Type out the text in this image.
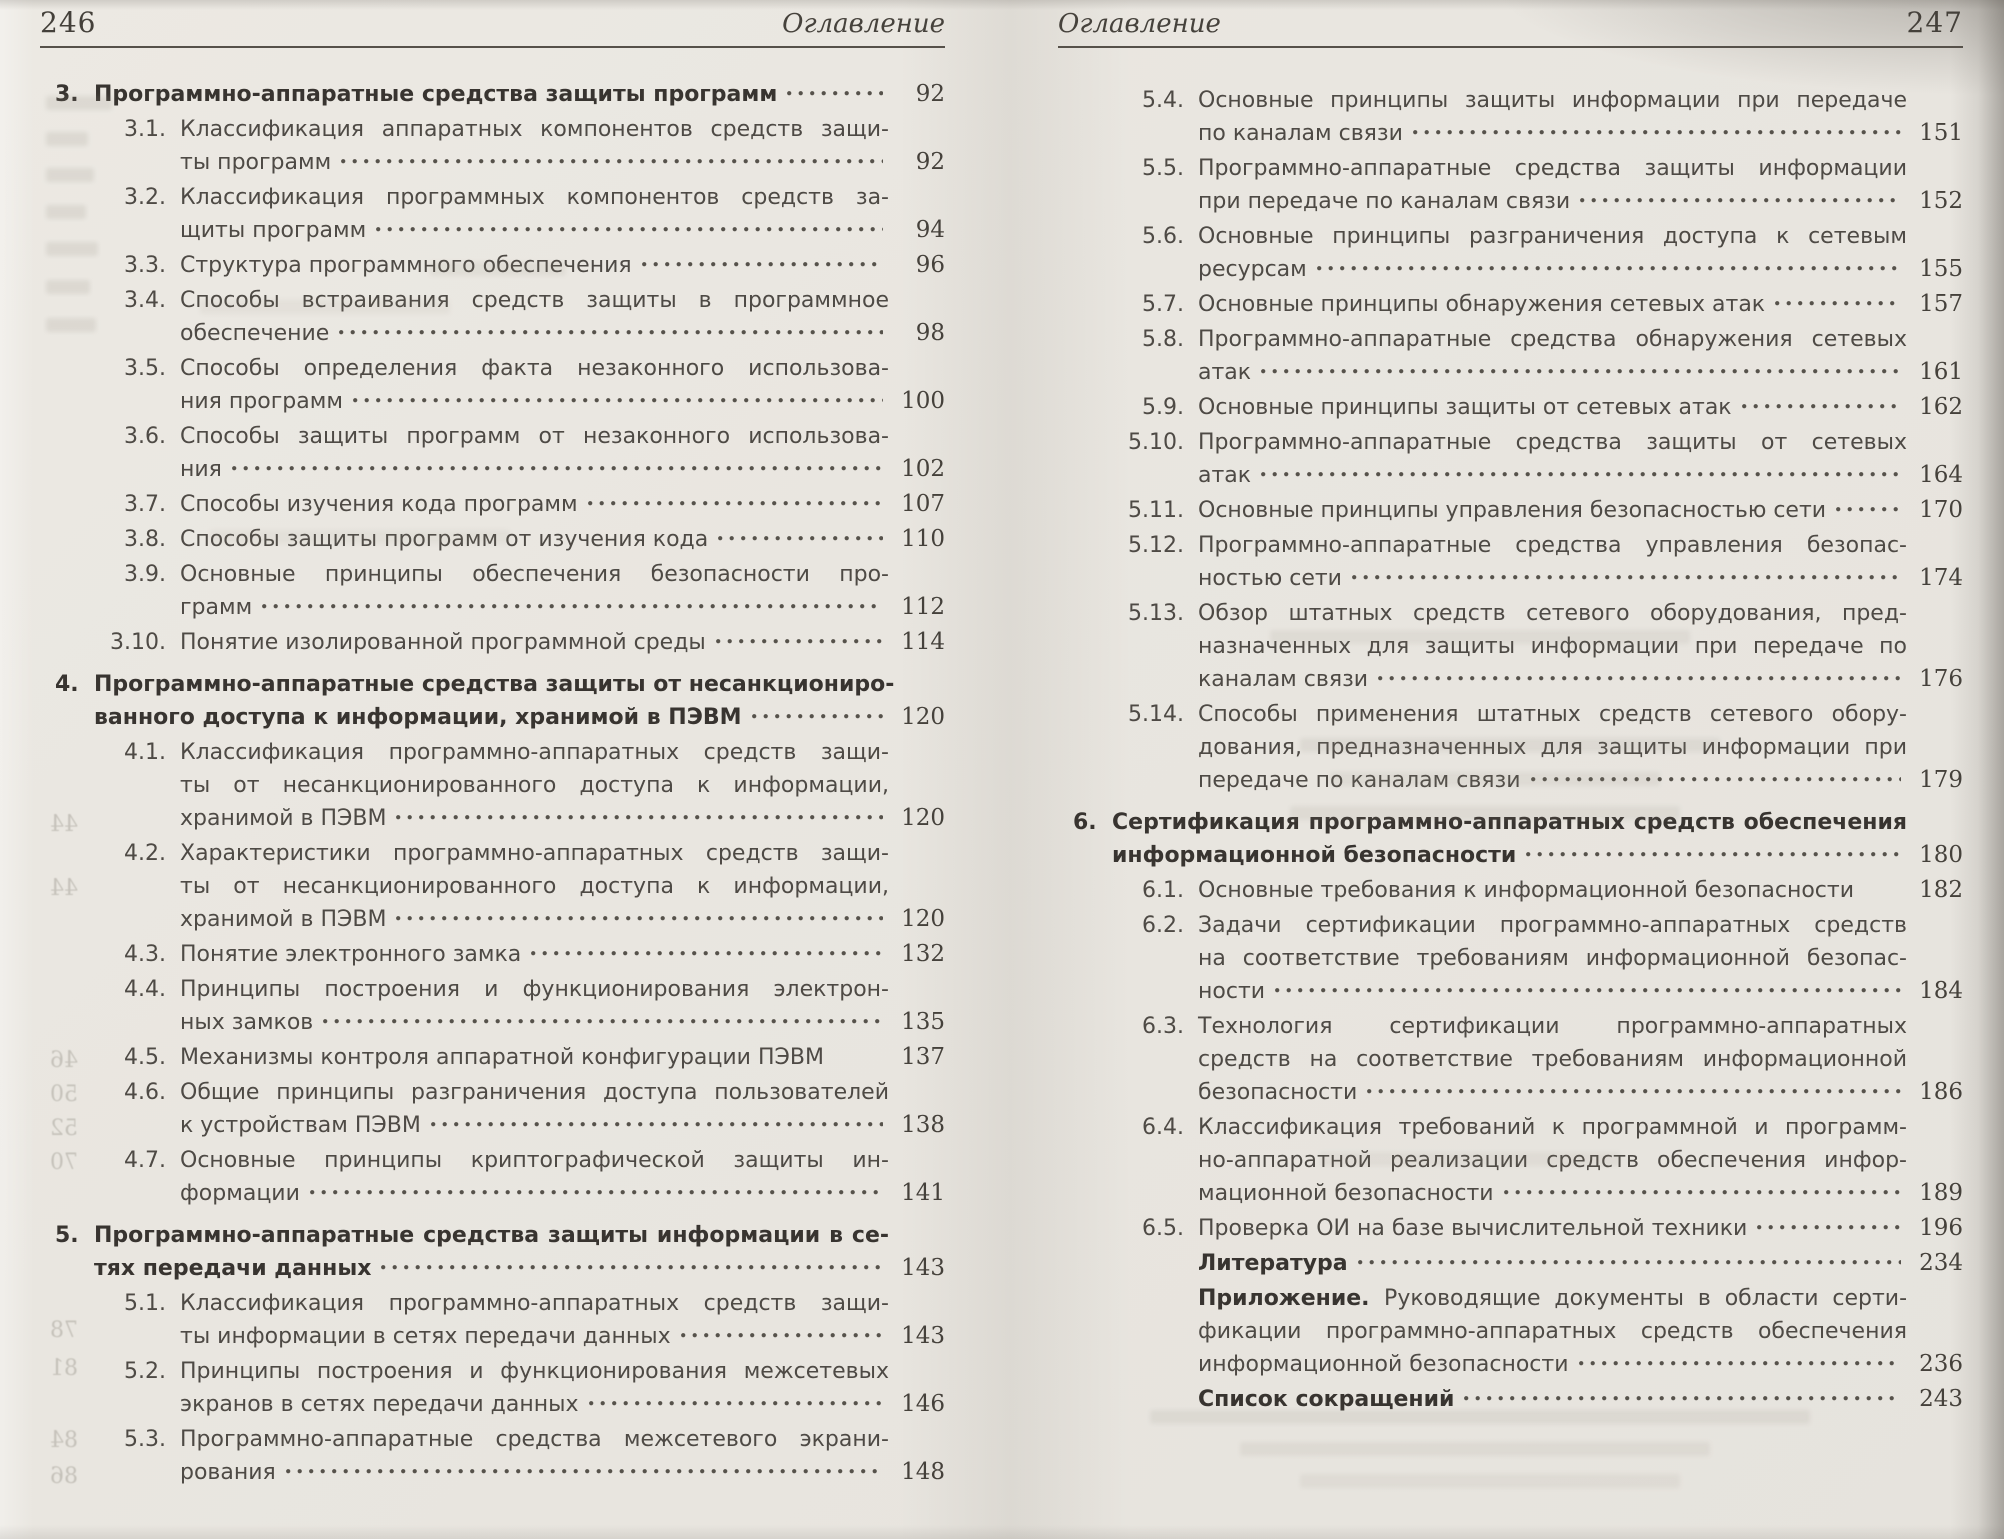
246	Оглавление
3. Программно-аппаратные средства защиты программ	92
3.1. Классификация аппаратных компонентов средств защи-
ты программ	92
3.2. Классификация программных компонентов средств за-
щиты программ	94
3.3. Структура программного обеспечения	96
3.4. Способы встраивания средств защиты в программное
обеспечение	98
3.5. Способы определения факта незаконного использова-
ния программ	100
3.6. Способы защиты программ от незаконного использова-
ния	102
3.7. Способы изучения кода программ	107
3.8. Способы защиты программ от изучения кода	110
3.9. Основные принципы обеспечения безопасности про-
грамм	112
3.10. Понятие изолированной программной среды	114
4. Программно-аппаратные средства защиты от несанкциониро-
ванного доступа к информации, хранимой в ПЭВМ	120
4.1. Классификация программно-аппаратных средств защи-
ты от несанкционированного доступа к информации,
хранимой в ПЭВМ	120
4.2. Характеристики программно-аппаратных средств защи-
ты от несанкционированного доступа к информации,
хранимой в ПЭВМ	120
4.3. Понятие электронного замка	132
4.4. Принципы построения и функционирования электрон-
ных замков	135
4.5. Механизмы контроля аппаратной конфигурации ПЭВМ	137
4.6. Общие принципы разграничения доступа пользователей
к устройствам ПЭВМ	138
4.7. Основные принципы криптографической защиты ин-
формации	141
5. Программно-аппаратные средства защиты информации в се-
тях передачи данных	143
5.1. Классификация программно-аппаратных средств защи-
ты информации в сетях передачи данных	143
5.2. Принципы построения и функционирования межсетевых
экранов в сетях передачи данных	146
5.3. Программно-аппаратные средства межсетевого экрани-
рования	148
Оглавление	247
5.4. Основные принципы защиты информации при передаче
по каналам связи	151
5.5. Программно-аппаратные средства защиты информации
при передаче по каналам связи	152
5.6. Основные принципы разграничения доступа к сетевым
ресурсам	155
5.7. Основные принципы обнаружения сетевых атак	157
5.8. Программно-аппаратные средства обнаружения сетевых
атак	161
5.9. Основные принципы защиты от сетевых атак	162
5.10. Программно-аппаратные средства защиты от сетевых
атак	164
5.11. Основные принципы управления безопасностью сети	170
5.12. Программно-аппаратные средства управления безопас-
ностью сети	174
5.13. Обзор штатных средств сетевого оборудования, пред-
назначенных для защиты информации при передаче по
каналам связи	176
5.14. Способы применения штатных средств сетевого обору-
дования, предназначенных для защиты информации при
передаче по каналам связи	179
6. Сертификация программно-аппаратных средств обеспечения
информационной безопасности	180
6.1. Основные требования к информационной безопасности	182
6.2. Задачи сертификации программно-аппаратных средств
на соответствие требованиям информационной безопас-
ности	184
6.3. Технология сертификации программно-аппаратных
средств на соответствие требованиям информационной
безопасности	186
6.4. Классификация требований к программной и программ-
но-аппаратной реализации средств обеспечения инфор-
мационной безопасности	189
6.5. Проверка ОИ на базе вычислительной техники	196
Литература	234
Приложение. Руководящие документы в области серти-
фикации программно-аппаратных средств обеспечения
информационной безопасности	236
Список сокращений	243
44
44
46
50
52
70
78
81
84
86
